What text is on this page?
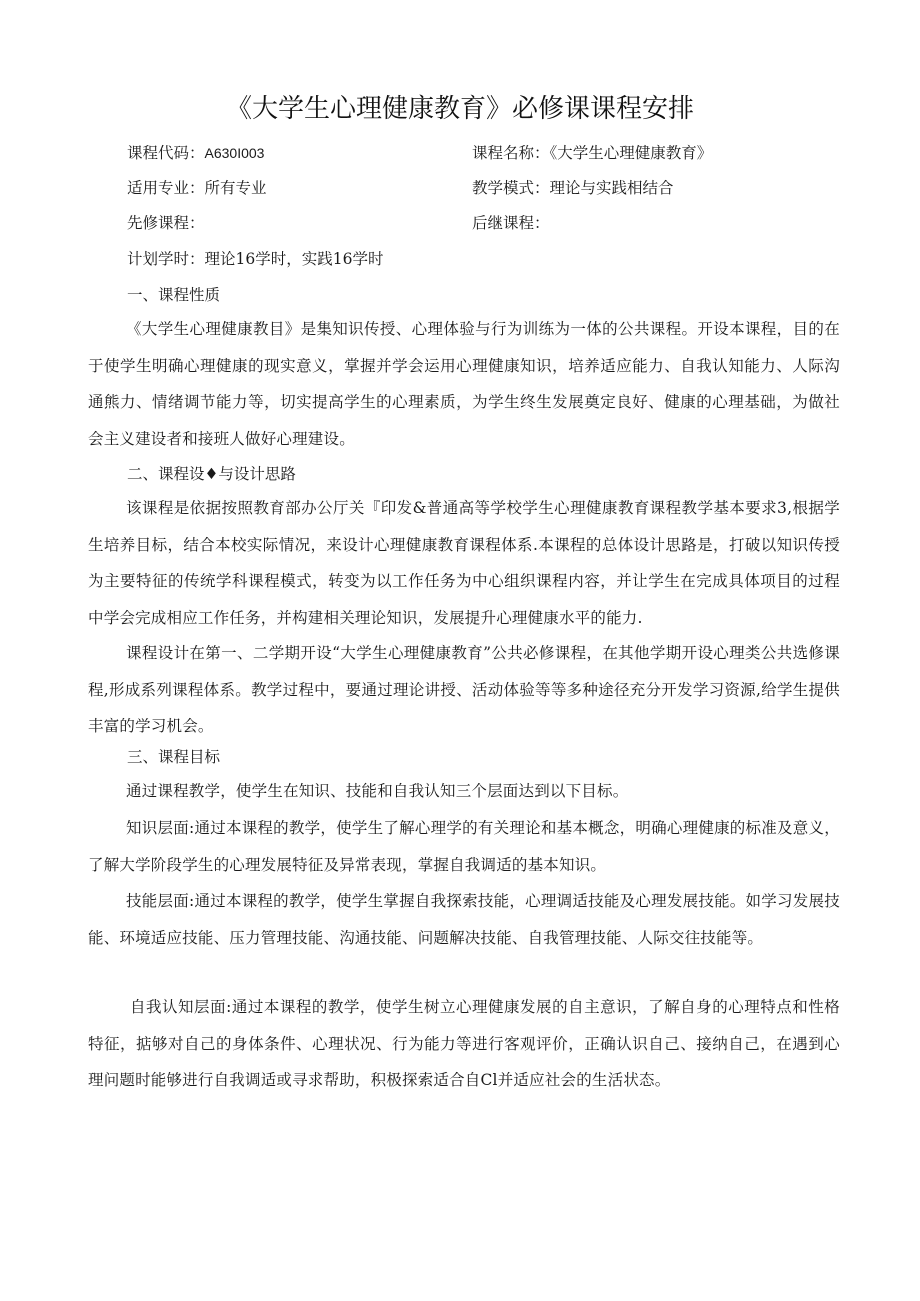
《大学生心理健康教育》必修课课程安排
课程代码：A630I003	课程名称：《大学生心理健康教育》
适用专业：所有专业	教学模式：理论与实践相结合
先修课程：	后继课程：
计划学时：理论16学时，实践16学时
一、课程性质

《大学生心理健康教目》是集知识传授、心理体验与行为训练为一体的公共课程。开设本课程，目的在于使学生明确心理健康的现实意义，掌握并学会运用心理健康知识，培养适应能力、自我认知能力、人际沟通熊力、情绪调节能力等，切实提高学生的心理素质，为学生终生发展奠定良好、健康的心理基础，为做社会主义建设者和接班人做好心理建设。

二、课程设♦与设计思路

该课程是依据按照教育部办公厅关『印发&普通高等学校学生心理健康教育课程教学基本要求3,根据学生培养目标，结合本校实际情况，来设计心理健康教育课程体系.本课程的总体设计思路是，打破以知识传授为主要特征的传统学科课程模式，转变为以工作任务为中心组织课程内容，并让学生在完成具体项目的过程中学会完成相应工作任务，并构建相关理论知识，发展提升心理健康水平的能力.

课程设计在第一、二学期开设“大学生心理健康教育”公共必修课程，在其他学期开设心理类公共选修课程,形成系列课程体系。教学过程中，要通过理论讲授、活动体验等等多种途径充分开发学习资源,给学生提供丰富的学习机会。

三、课程目标

通过课程教学，使学生在知识、技能和自我认知三个层面达到以下目标。

知识层面:通过本课程的教学，使学生了解心理学的有关理论和基本概念，明确心理健康的标准及意义，了解大学阶段学生的心理发展特征及异常表现，掌握自我调适的基本知识。

技能层面:通过本课程的教学，使学生掌握自我探索技能，心理调适技能及心理发展技能。如学习发展技能、环境适应技能、压力管理技能、沟通技能、问题解决技能、自我管理技能、人际交往技能等。

自我认知层面:通过本课程的教学，使学生树立心理健康发展的自主意识，了解自身的心理特点和性格特征，掂够对自己的身体条件、心理状况、行为能力等进行客观评价，正确认识自己、接纳自己，在遇到心理问题时能够进行自我调适或寻求帮助，积极探索适合自Cl并适应社会的生活状态。
